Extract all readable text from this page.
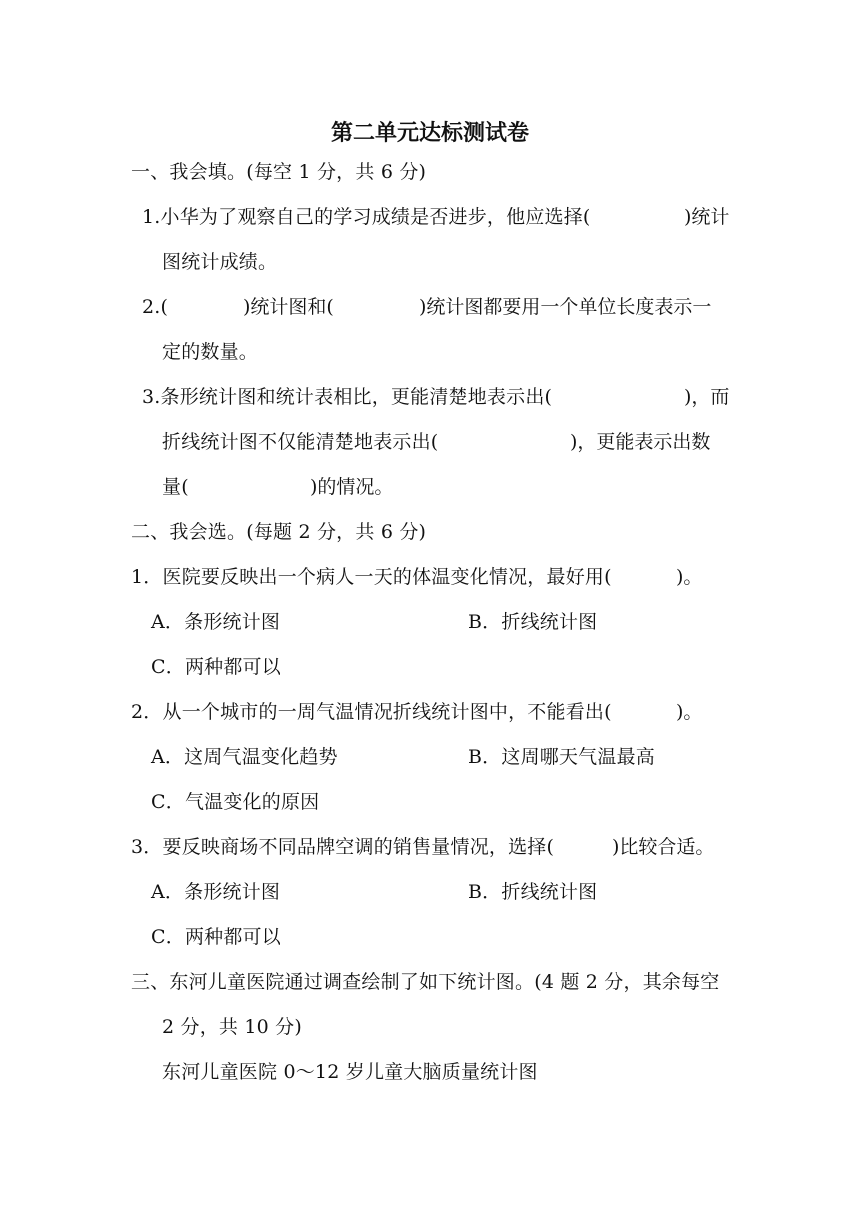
第二单元达标测试卷
一、我会填。(每空 1 分，共 6 分)
1.小华为了观察自己的学习成绩是否进步，他应选择(	)统计
图统计成绩。
2.(	)统计图和(	)统计图都要用一个单位长度表示一
定的数量。
3.条形统计图和统计表相比，更能清楚地表示出(	)，而
折线统计图不仅能清楚地表示出(	)，更能表示出数
量(	)的情况。
二、我会选。(每题 2 分，共 6 分)
1．医院要反映出一个病人一天的体温变化情况，最好用(	)。
A．条形统计图	B．折线统计图
C．两种都可以
2．从一个城市的一周气温情况折线统计图中，不能看出(	)。
A．这周气温变化趋势	B．这周哪天气温最高
C．气温变化的原因
3．要反映商场不同品牌空调的销售量情况，选择(	)比较合适。
A．条形统计图	B．折线统计图
C．两种都可以
三、东河儿童医院通过调查绘制了如下统计图。(4 题 2 分，其余每空
2 分，共 10 分)
东河儿童医院 0～12 岁儿童大脑质量统计图
